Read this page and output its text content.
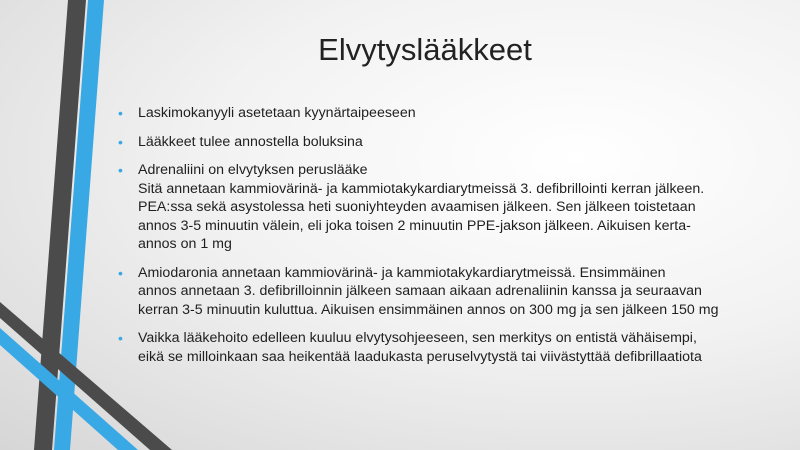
Elvytyslääkkeet
• Laskimokanyyli asetetaan kyynärtaipeeseen
• Lääkkeet tulee annostella boluksina
• Adrenaliini on elvytyksen peruslääke
Sitä annetaan kammiovärinä- ja kammiotakykardiarytmeissä 3. defibrillointi kerran jälkeen.
PEA:ssa sekä asystolessa heti suoniyhteyden avaamisen jälkeen. Sen jälkeen toistetaan
annos 3-5 minuutin välein, eli joka toisen 2 minuutin PPE-jakson jälkeen. Aikuisen kerta-
annos on 1 mg
• Amiodaronia annetaan kammiovärinä- ja kammiotakykardiarytmeissä. Ensimmäinen
annos annetaan 3. defibrilloinnin jälkeen samaan aikaan adrenaliinin kanssa ja seuraavan
kerran 3-5 minuutin kuluttua. Aikuisen ensimmäinen annos on 300 mg ja sen jälkeen 150 mg
• Vaikka lääkehoito edelleen kuuluu elvytysohjeeseen, sen merkitys on entistä vähäisempi,
eikä se milloinkaan saa heikentää laadukasta peruselvytystä tai viivästyttää defibrillaatiota
